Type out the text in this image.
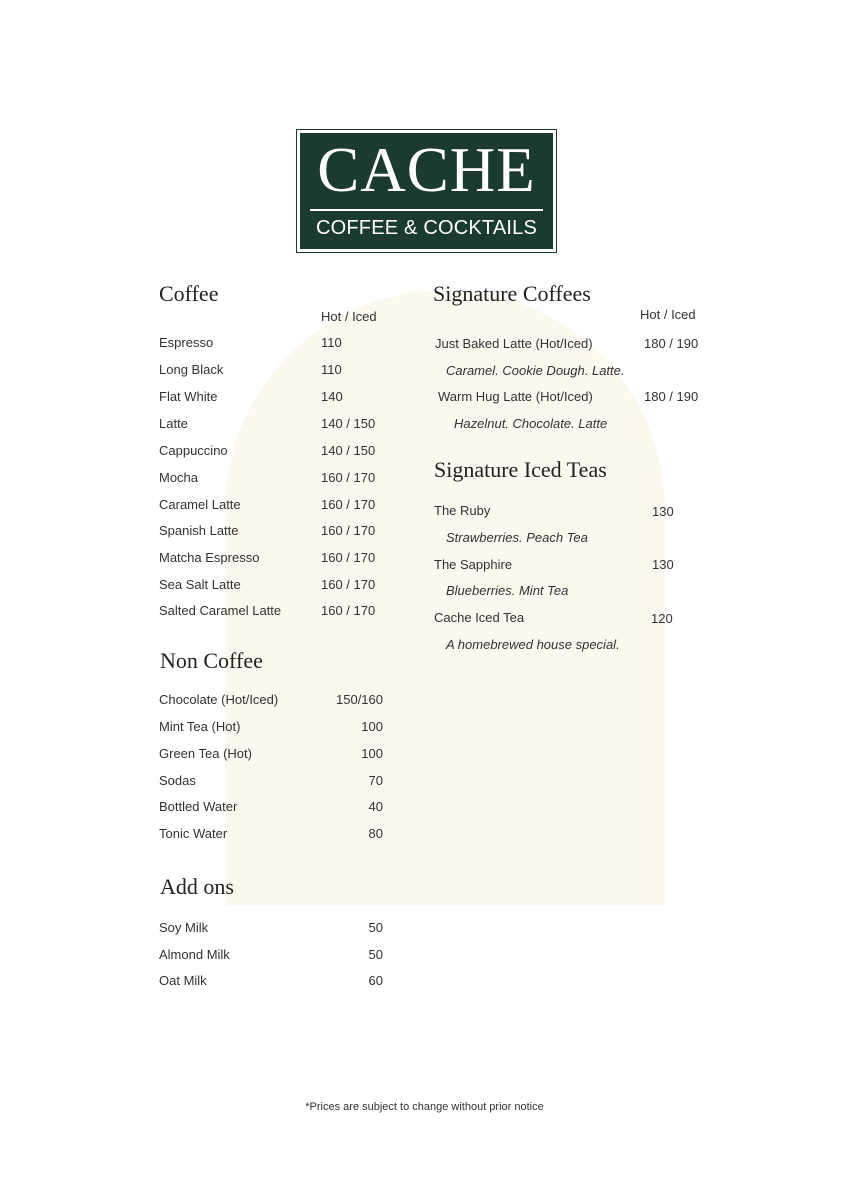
CACHE
COFFEE & COCKTAILS
Coffee
Hot / Iced
Espresso	110
Long Black	110
Flat White	140
Latte	140 / 150
Cappuccino	140 / 150
Mocha	160 / 170
Caramel Latte	160 / 170
Spanish Latte	160 / 170
Matcha Espresso	160 / 170
Sea Salt Latte	160 / 170
Salted Caramel Latte	160 / 170
Non Coffee
Chocolate (Hot/Iced)	150/160
Mint Tea (Hot)	100
Green Tea (Hot)	100
Sodas	70
Bottled Water	40
Tonic Water	80
Add ons
Soy Milk	50
Almond Milk	50
Oat Milk	60
Signature Coffees
Hot / Iced
Just Baked Latte (Hot/Iced)	180 / 190
Caramel. Cookie Dough. Latte.
Warm Hug Latte (Hot/Iced)	180 / 190
Hazelnut. Chocolate. Latte
Signature Iced Teas
The Ruby	130
Strawberries. Peach Tea
The Sapphire	130
Blueberries. Mint Tea
Cache Iced Tea	120
A homebrewed house special.
*Prices are subject to change without prior notice
